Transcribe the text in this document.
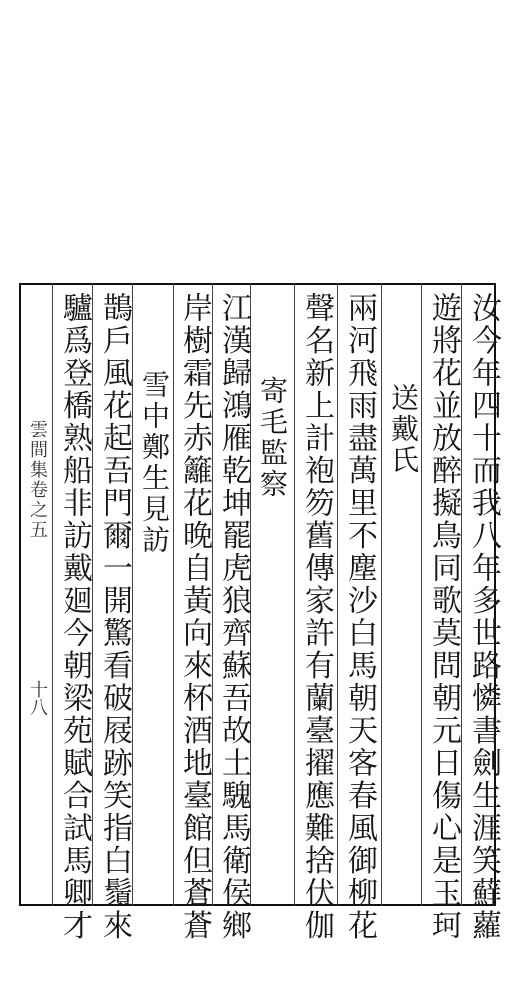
汝今年四十而我八年多世路憐書劍生涯笑蘚蘿
遊將花並放醉擬鳥同歌莫問朝元日傷心是玉珂
送戴氏
兩河飛雨盡萬里不塵沙白馬朝天客春風御柳花
聲名新上計袍笏舊傳家許有蘭臺擢應難捨伏伽
寄毛監察
江漢歸鴻雁乾坤罷虎狼齊蘇吾故土騩馬衛侯鄉
岸樹霜先赤籬花晚自黃向來杯酒地臺館但蒼蒼
雪中鄭生見訪
鵲戶風花起吾門爾一開驚看破屐跡笑指白鬚來
驢爲登橋熟船非訪戴廻今朝梁苑賦合試馬卿才
雲間集卷之五
十八
